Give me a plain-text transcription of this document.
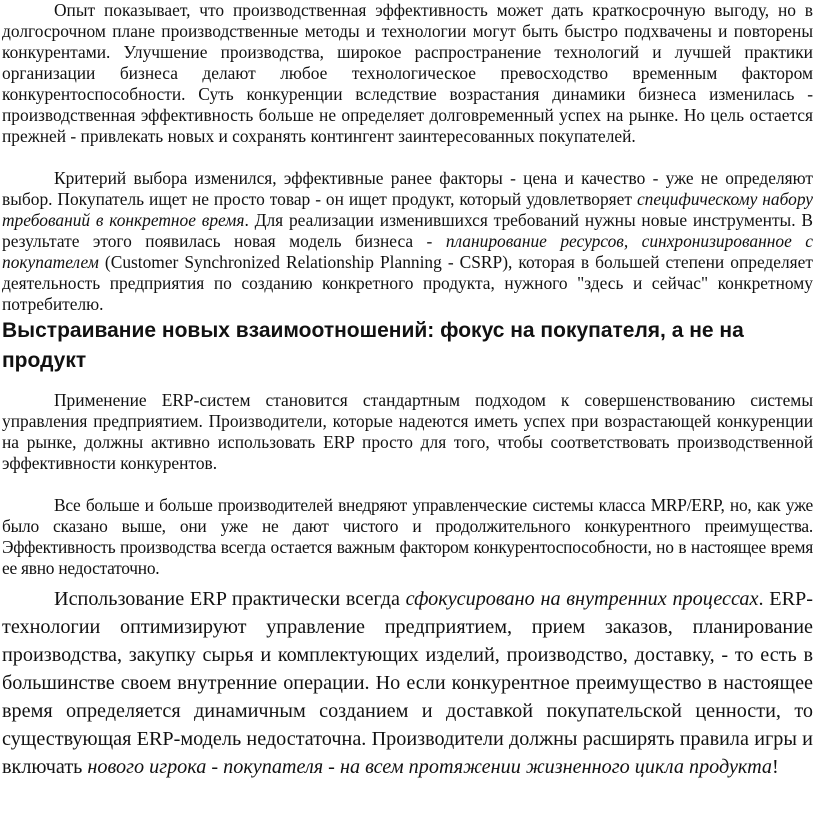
Опыт показывает, что производственная эффективность может дать краткосрочную выгоду, но в долгосрочном плане производственные методы и технологии могут быть быстро подхвачены и повторены конкурентами. Улучшение производства, широкое распространение технологий и лучшей практики организации бизнеса делают любое технологическое превосходство временным фактором конкурентоспособности. Суть конкуренции вследствие возрастания динамики бизнеса изменилась - производственная эффективность больше не определяет долговременный успех на рынке. Но цель остается прежней - привлекать новых и сохранять контингент заинтересованных покупателей.

Критерий выбора изменился, эффективные ранее факторы - цена и качество - уже не определяют выбор. Покупатель ищет не просто товар - он ищет продукт, который удовлетворяет специфическому набору требований в конкретное время. Для реализации изменившихся требований нужны новые инструменты. В результате этого появилась новая модель бизнеса - планирование ресурсов, синхронизированное с покупателем (Customer Synchronized Relationship Planning - CSRP), которая в большей степени определяет деятельность предприятия по созданию конкретного продукта, нужного "здесь и сейчас" конкретному потребителю.

Выстраивание новых взаимоотношений: фокус на покупателя, а не на продукт

Применение ERP-систем становится стандартным подходом к совершенствованию системы управления предприятием. Производители, которые надеются иметь успех при возрастающей конкуренции на рынке, должны активно использовать ERP просто для того, чтобы соответствовать производственной эффективности конкурентов.

Все больше и больше производителей внедряют управленческие системы класса MRP/ERP, но, как уже было сказано выше, они уже не дают чистого и продолжительного конкурентного преимущества. Эффективность производства всегда остается важным фактором конкурентоспособности, но в настоящее время ее явно недостаточно.

Использование ERP практически всегда сфокусировано на внутренних процессах. ERP-технологии оптимизируют управление предприятием, прием заказов, планирование производства, закупку сырья и комплектующих изделий, производство, доставку, - то есть в большинстве своем внутренние операции. Но если конкурентное преимущество в настоящее время определяется динамичным созданием и доставкой покупательской ценности, то существующая ERP-модель недостаточна. Производители должны расширять правила игры и включать нового игрока - покупателя - на всем протяжении жизненного цикла продукта!
